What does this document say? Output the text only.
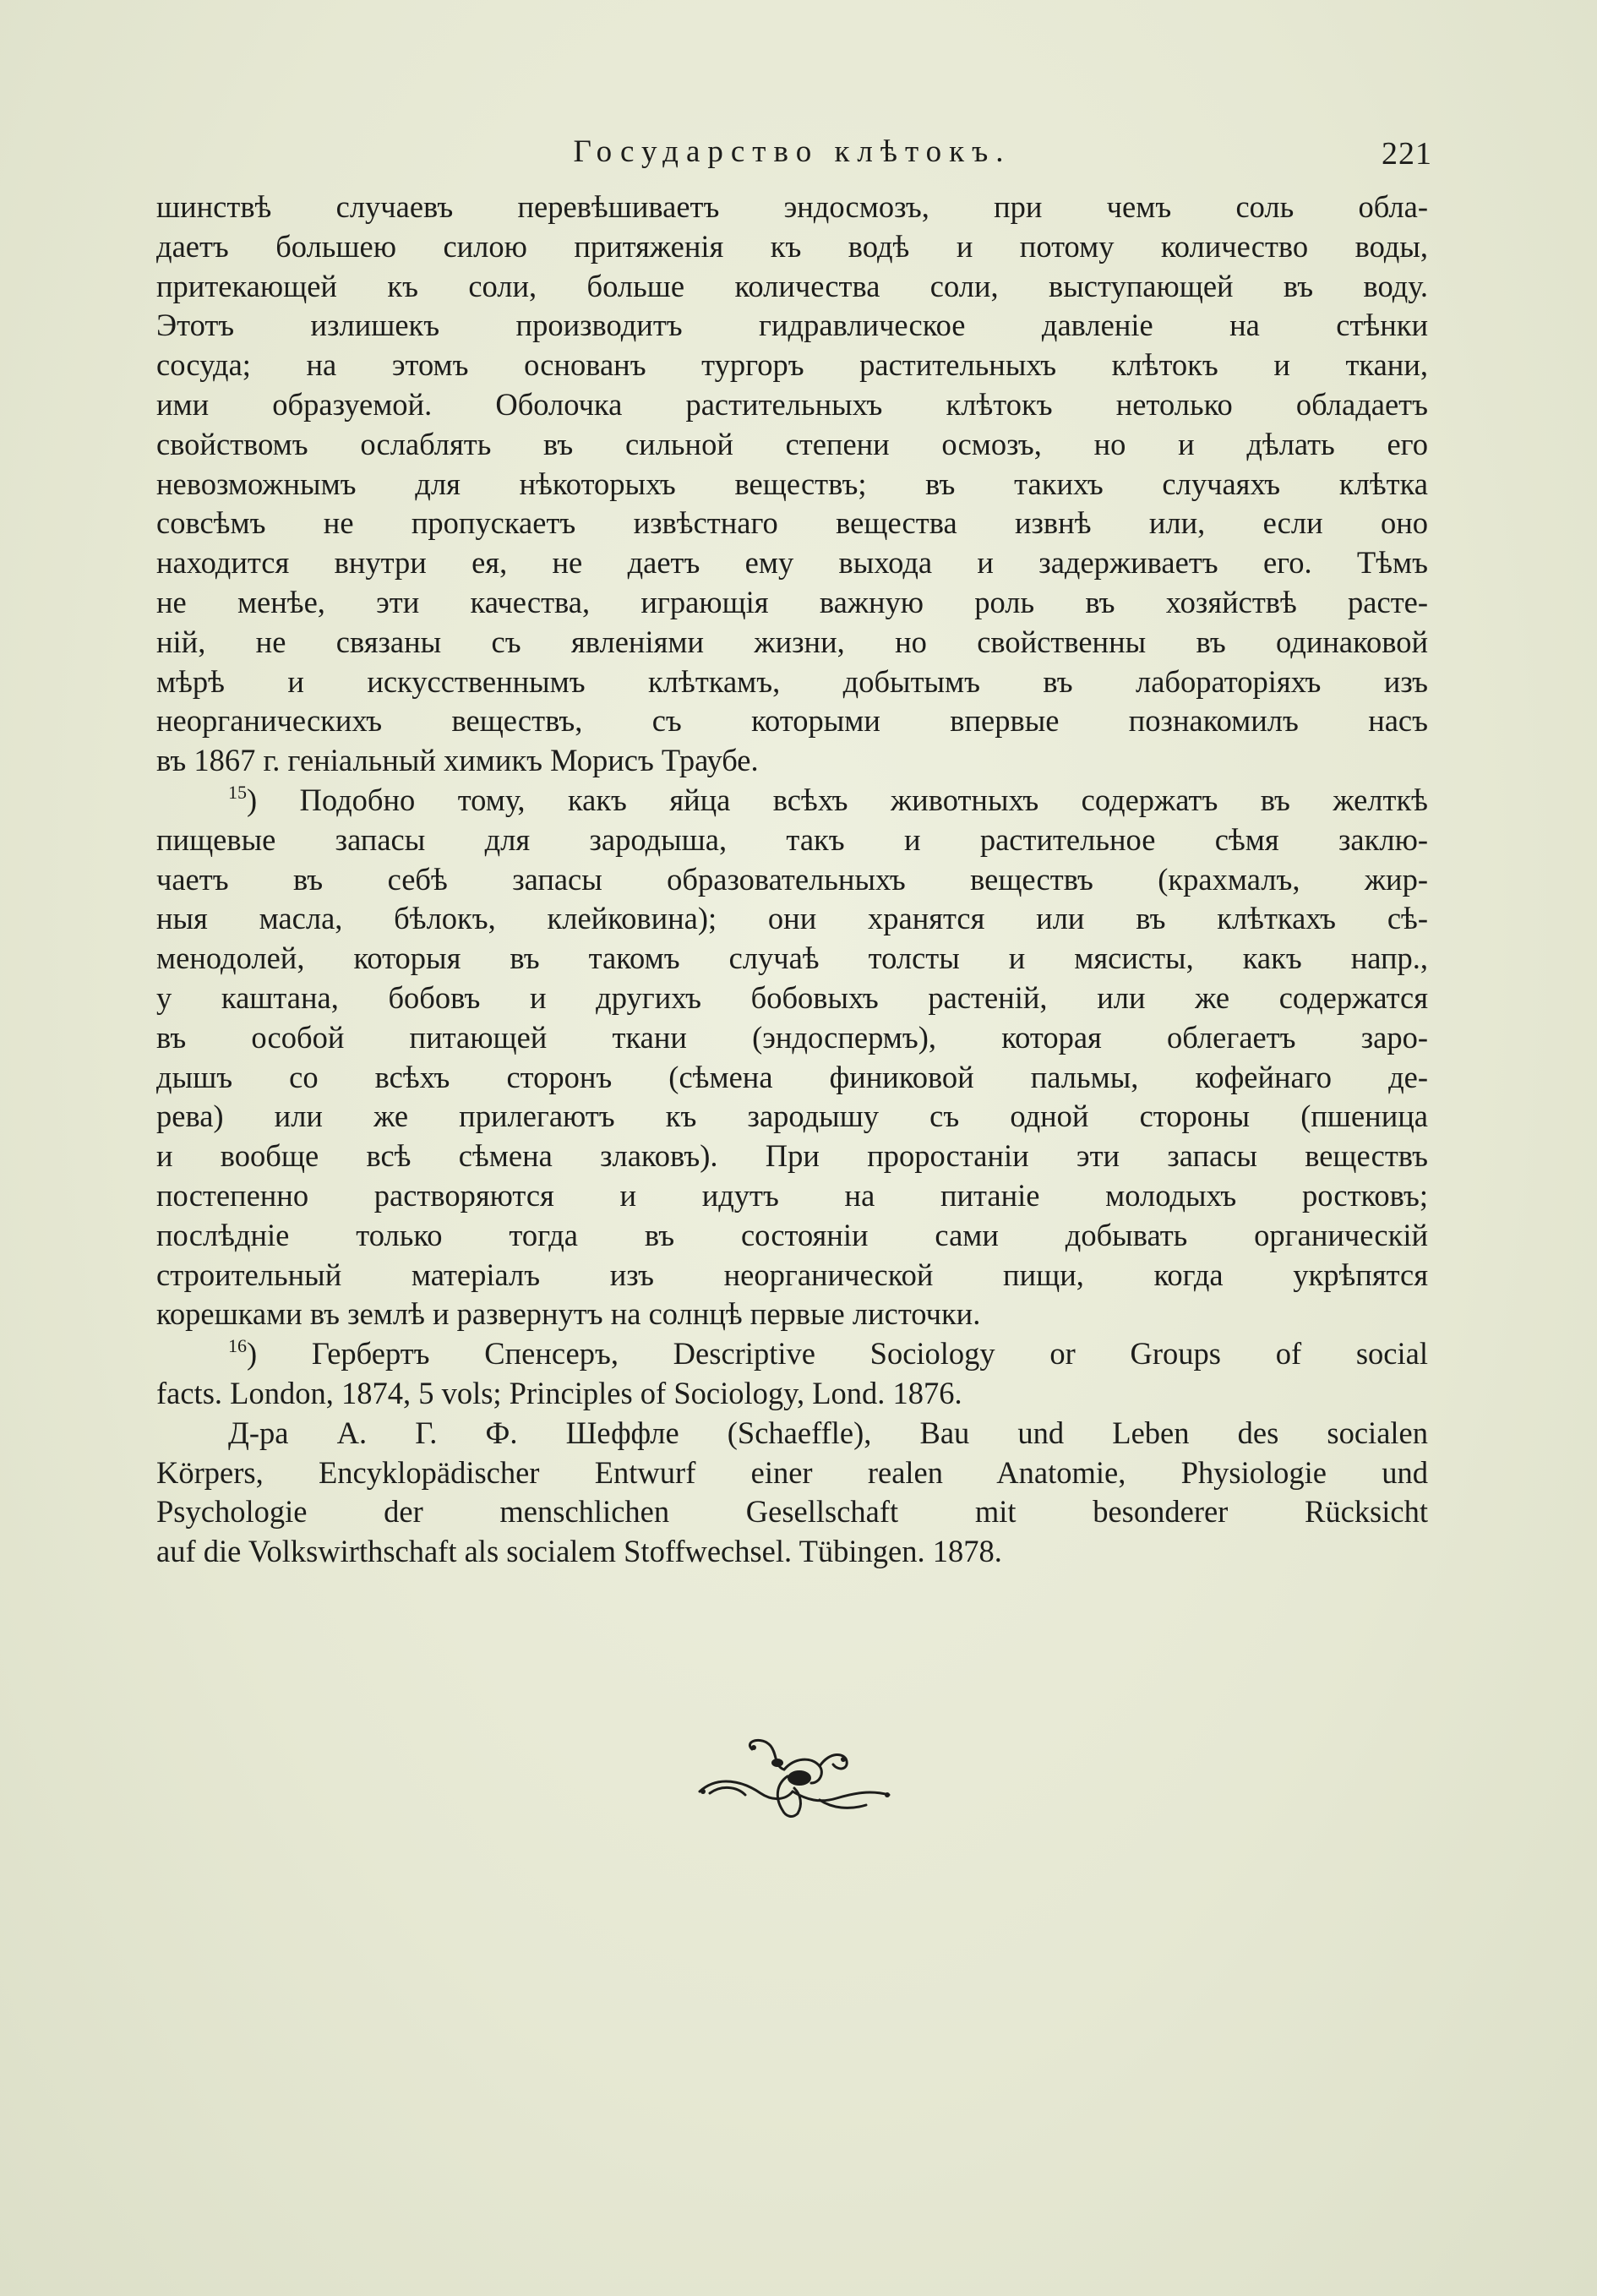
Государство клѣтокъ.	221
шинствѣ случаевъ перевѣшиваетъ эндосмозъ, при чемъ соль обла-
даетъ большею силою притяженія къ водѣ и потому количество воды,
притекающей къ соли, больше количества соли, выступающей въ воду.
Этотъ излишекъ производитъ гидравлическое давленіе на стѣнки
сосуда; на этомъ основанъ тургоръ растительныхъ клѣтокъ и ткани,
ими образуемой. Оболочка растительныхъ клѣтокъ нетолько обладаетъ
свойствомъ ослаблять въ сильной степени осмозъ, но и дѣлать его
невозможнымъ для нѣкоторыхъ веществъ; въ такихъ случаяхъ клѣтка
совсѣмъ не пропускаетъ извѣстнаго вещества извнѣ или, если оно
находится внутри ея, не даетъ ему выхода и задерживаетъ его. Тѣмъ
не менѣе, эти качества, играющія важную роль въ хозяйствѣ расте-
ній, не связаны съ явленіями жизни, но свойственны въ одинаковой
мѣрѣ и искусственнымъ клѣткамъ, добытымъ въ лабораторіяхъ изъ
неорганическихъ веществъ, съ которыми впервые познакомилъ насъ
въ 1867 г. геніальный химикъ Морисъ Траубе.
$^{15}$) Подобно тому, какъ яйца всѣхъ животныхъ содержатъ въ желткѣ
пищевые запасы для зародыша, такъ и растительное сѣмя заклю-
чаетъ въ себѣ запасы образовательныхъ веществъ (крахмалъ, жир-
ныя масла, бѣлокъ, клейковина); они хранятся или въ клѣткахъ сѣ-
менодолей, которыя въ такомъ случаѣ толсты и мясисты, какъ напр.,
у каштана, бобовъ и другихъ бобовыхъ растеній, или же содержатся
въ особой питающей ткани (эндоспермъ), которая облегаетъ заро-
дышъ со всѣхъ сторонъ (сѣмена финиковой пальмы, кофейнаго де-
рева) или же прилегаютъ къ зародышу съ одной стороны (пшеница
и вообще всѣ сѣмена злаковъ). При проростаніи эти запасы веществъ
постепенно растворяются и идутъ на питаніе молодыхъ ростковъ;
послѣдніе только тогда въ состояніи сами добывать органическій
строительный матеріалъ изъ неорганической пищи, когда укрѣпятся
корешками въ землѣ и развернутъ на солнцѣ первые листочки.
$^{16}$) Гербертъ Спенсеръ, Descriptive Sociology or Groups of social
facts. London, 1874, 5 vols; Principles of Sociology, Lond. 1876.
Д-ра А. Г. Ф. Шеффле (Schaeffle), Bau und Leben des socialen
Körpers, Encyklopädischer Entwurf einer realen Anatomie, Physiologie und
Psychologie der menschlichen Gesellschaft mit besonderer Rücksicht
auf die Volkswirthschaft als socialem Stoffwechsel. Tübingen. 1878.
